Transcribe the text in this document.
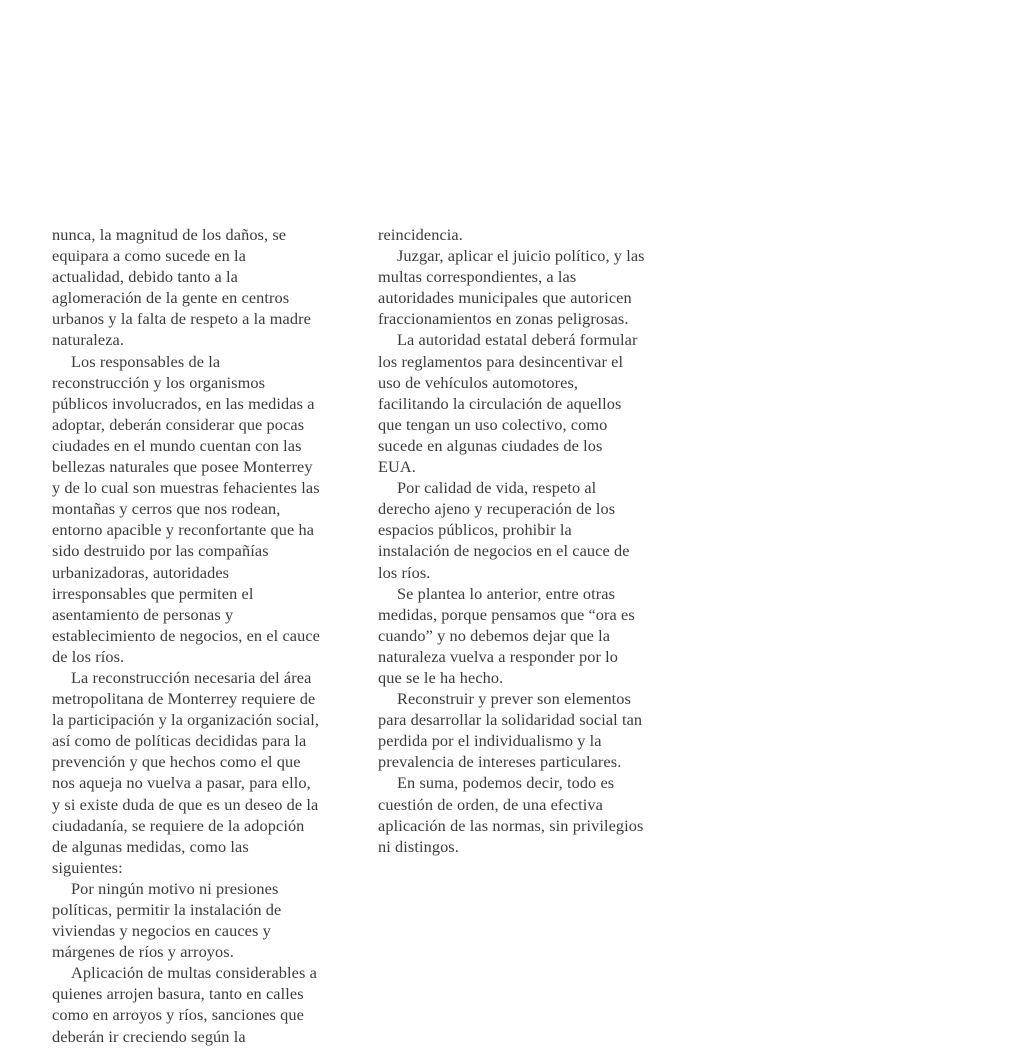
nunca, la magnitud de los daños, se
equipara a como sucede en la
actualidad, debido tanto a la
aglomeración de la gente en centros
urbanos y la falta de respeto a la madre
naturaleza.
Los responsables de la
reconstrucción y los organismos
públicos involucrados, en las medidas a
adoptar, deberán considerar que pocas
ciudades en el mundo cuentan con las
bellezas naturales que posee Monterrey
y de lo cual son muestras fehacientes las
montañas y cerros que nos rodean,
entorno apacible y reconfortante que ha
sido destruido por las compañías
urbanizadoras, autoridades
irresponsables que permiten el
asentamiento de personas y
establecimiento de negocios, en el cauce
de los ríos.
La reconstrucción necesaria del área
metropolitana de Monterrey requiere de
la participación y la organización social,
así como de políticas decididas para la
prevención y que hechos como el que
nos aqueja no vuelva a pasar, para ello,
y si existe duda de que es un deseo de la
ciudadanía, se requiere de la adopción
de algunas medidas, como las
siguientes:
Por ningún motivo ni presiones
políticas, permitir la instalación de
viviendas y negocios en cauces y
márgenes de ríos y arroyos.
Aplicación de multas considerables a
quienes arrojen basura, tanto en calles
como en arroyos y ríos, sanciones que
deberán ir creciendo según la
reincidencia.
Juzgar, aplicar el juicio político, y las
multas correspondientes, a las
autoridades municipales que autoricen
fraccionamientos en zonas peligrosas.
La autoridad estatal deberá formular
los reglamentos para desincentivar el
uso de vehículos automotores,
facilitando la circulación de aquellos
que tengan un uso colectivo, como
sucede en algunas ciudades de los
EUA.
Por calidad de vida, respeto al
derecho ajeno y recuperación de los
espacios públicos, prohibir la
instalación de negocios en el cauce de
los ríos.
Se plantea lo anterior, entre otras
medidas, porque pensamos que “ora es
cuando” y no debemos dejar que la
naturaleza vuelva a responder por lo
que se le ha hecho.
Reconstruir y prever son elementos
para desarrollar la solidaridad social tan
perdida por el individualismo y la
prevalencia de intereses particulares.
En suma, podemos decir, todo es
cuestión de orden, de una efectiva
aplicación de las normas, sin privilegios
ni distingos.
